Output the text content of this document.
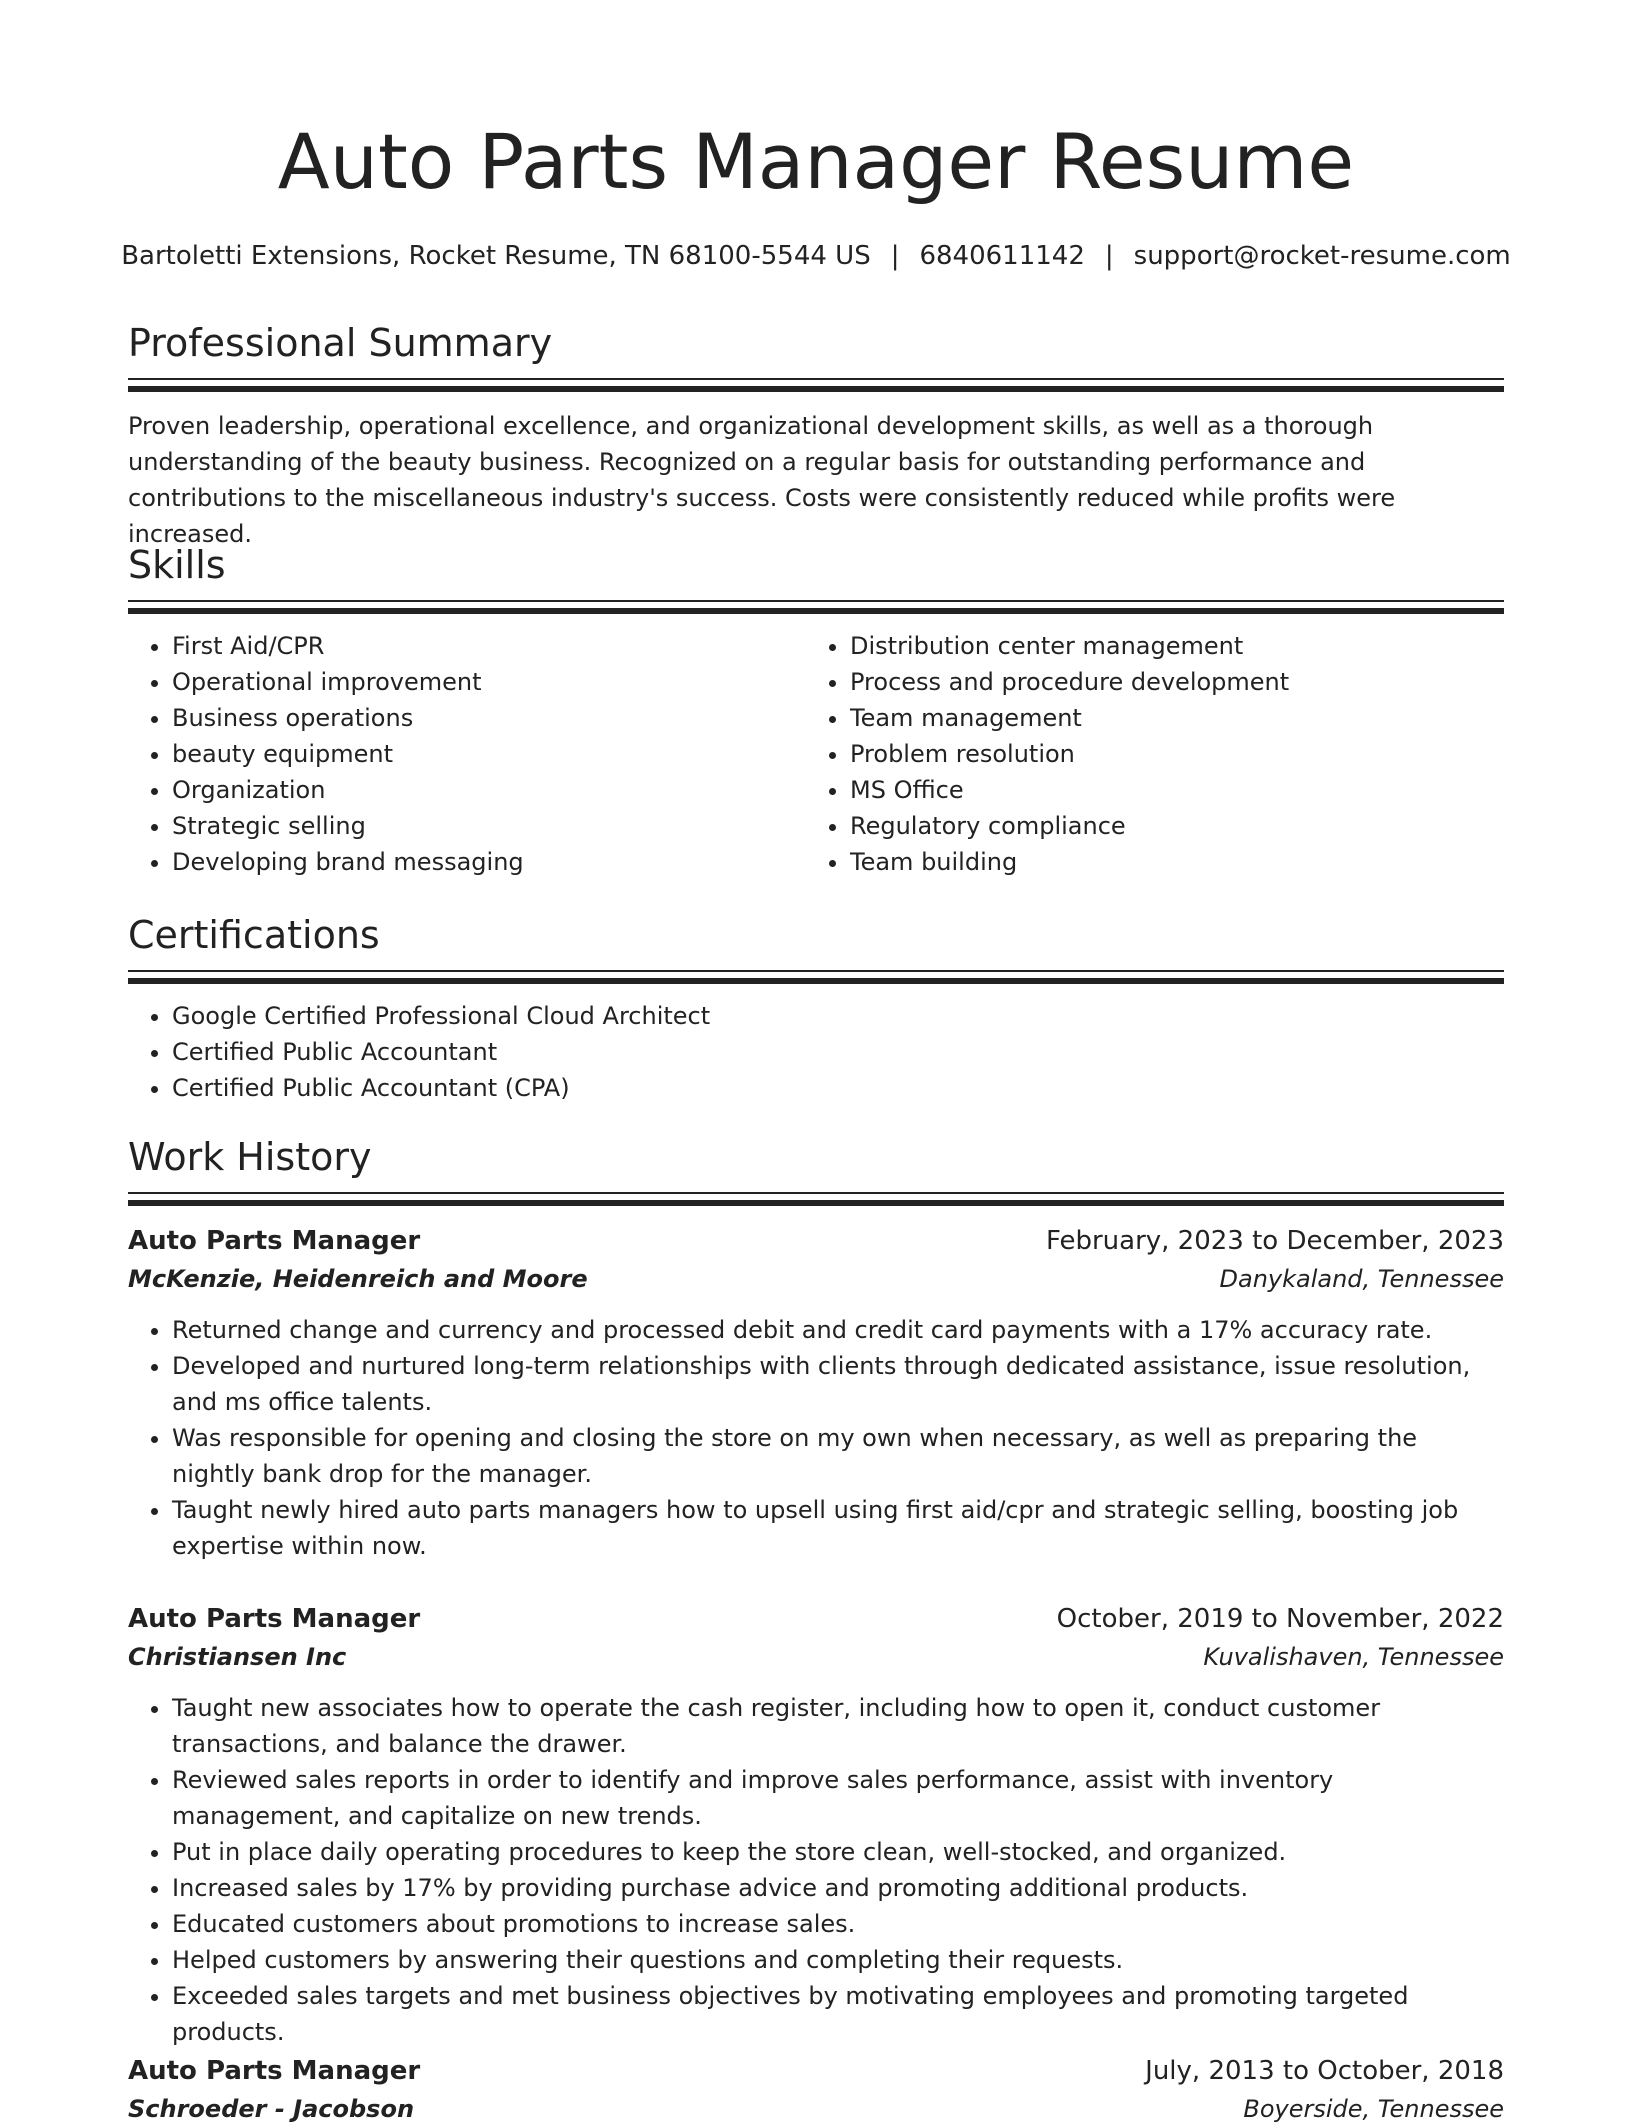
Auto Parts Manager Resume
Bartoletti Extensions, Rocket Resume, TN 68100-5544 US | 6840611142 | support@rocket-resume.com
Professional Summary

Proven leadership, operational excellence, and organizational development skills, as well as a thorough understanding of the beauty business. Recognized on a regular basis for outstanding performance and contributions to the miscellaneous industry's success. Costs were consistently reduced while profits were increased.

Skills
• First Aid/CPR
• Operational improvement
• Business operations
• beauty equipment
• Organization
• Strategic selling
• Developing brand messaging
• Distribution center management
• Process and procedure development
• Team management
• Problem resolution
• MS Office
• Regulatory compliance
• Team building
Certifications
• Google Certified Professional Cloud Architect
• Certified Public Accountant
• Certified Public Accountant (CPA)
Work History
Auto Parts Manager	February, 2023 to December, 2023
McKenzie, Heidenreich and Moore	Danykaland, Tennessee
• Returned change and currency and processed debit and credit card payments with a 17% accuracy rate.
• Developed and nurtured long-term relationships with clients through dedicated assistance, issue resolution, and ms office talents.
• Was responsible for opening and closing the store on my own when necessary, as well as preparing the nightly bank drop for the manager.
• Taught newly hired auto parts managers how to upsell using first aid/cpr and strategic selling, boosting job expertise within now.
Auto Parts Manager	October, 2019 to November, 2022
Christiansen Inc	Kuvalishaven, Tennessee
• Taught new associates how to operate the cash register, including how to open it, conduct customer transactions, and balance the drawer.
• Reviewed sales reports in order to identify and improve sales performance, assist with inventory management, and capitalize on new trends.
• Put in place daily operating procedures to keep the store clean, well-stocked, and organized.
• Increased sales by 17% by providing purchase advice and promoting additional products.
• Educated customers about promotions to increase sales.
• Helped customers by answering their questions and completing their requests.
• Exceeded sales targets and met business objectives by motivating employees and promoting targeted products.
Auto Parts Manager	July, 2013 to October, 2018
Schroeder - Jacobson	Boyerside, Tennessee
